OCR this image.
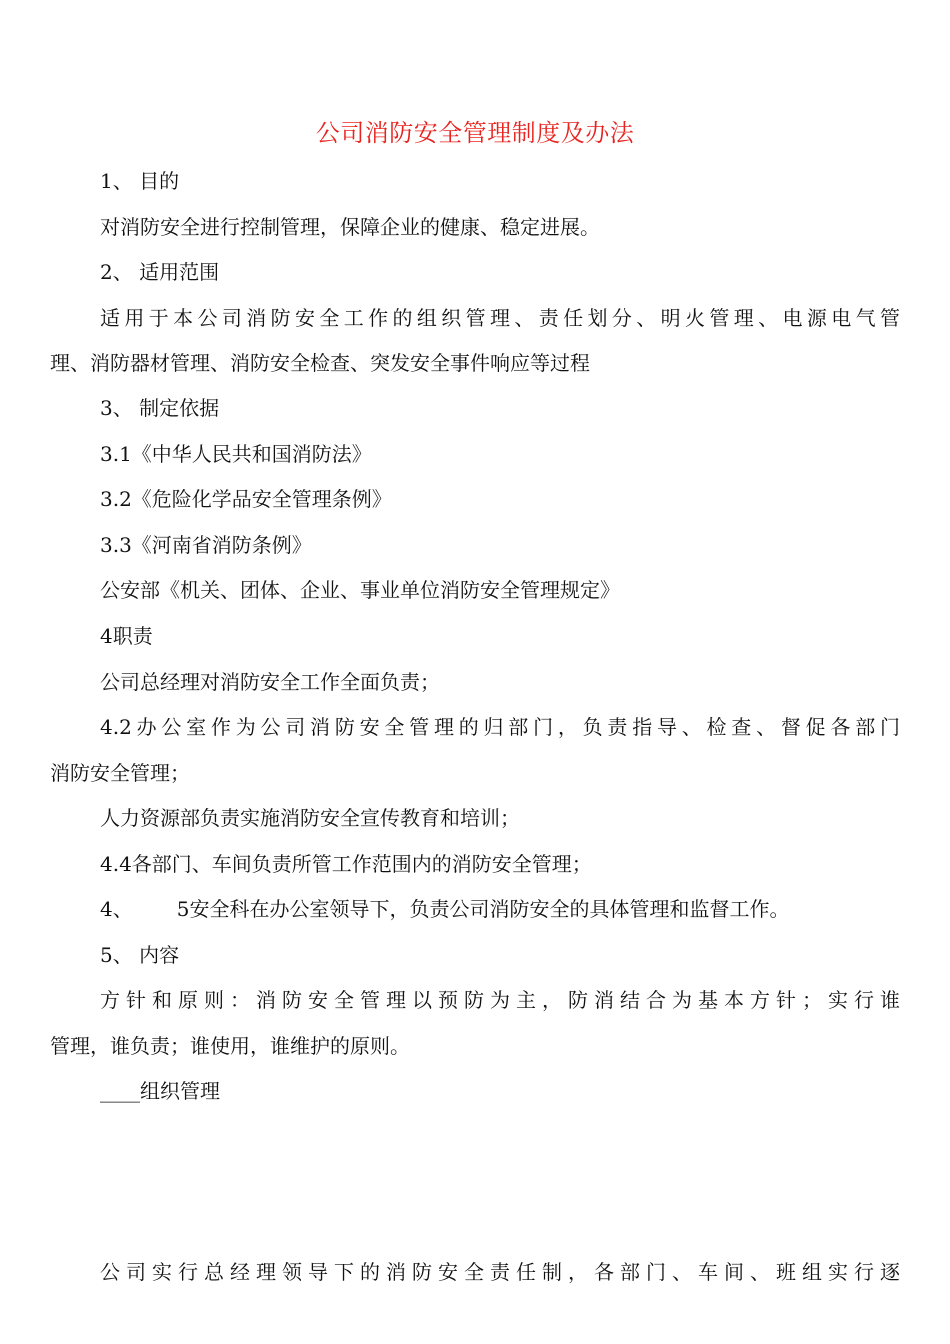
公司消防安全管理制度及办法
1、 目的
对消防安全进行控制管理，保障企业的健康、稳定进展。
2、 适用范围
适用于本公司消防安全工作的组织管理、责任划分、明火管理、电源电气管
理、消防器材管理、消防安全检查、突发安全事件响应等过程
3、 制定依据
3.1《中华人民共和国消防法》
3.2《危险化学品安全管理条例》
3.3《河南省消防条例》
公安部《机关、团体、企业、事业单位消防安全管理规定》
4职责
公司总经理对消防安全工作全面负责；
4.2办公室作为公司消防安全管理的归部门，负责指导、检查、督促各部门
消防安全管理；
人力资源部负责实施消防安全宣传教育和培训；
4.4各部门、车间负责所管工作范围内的消防安全管理；
4、 5安全科在办公室领导下，负责公司消防安全的具体管理和监督工作。
5、 内容
方针和原则：消防安全管理以预防为主，防消结合为基本方针；实行谁
管理，谁负责；谁使用，谁维护的原则。
____组织管理
公司实行总经理领导下的消防安全责任制，各部门、车间、班组实行逐
